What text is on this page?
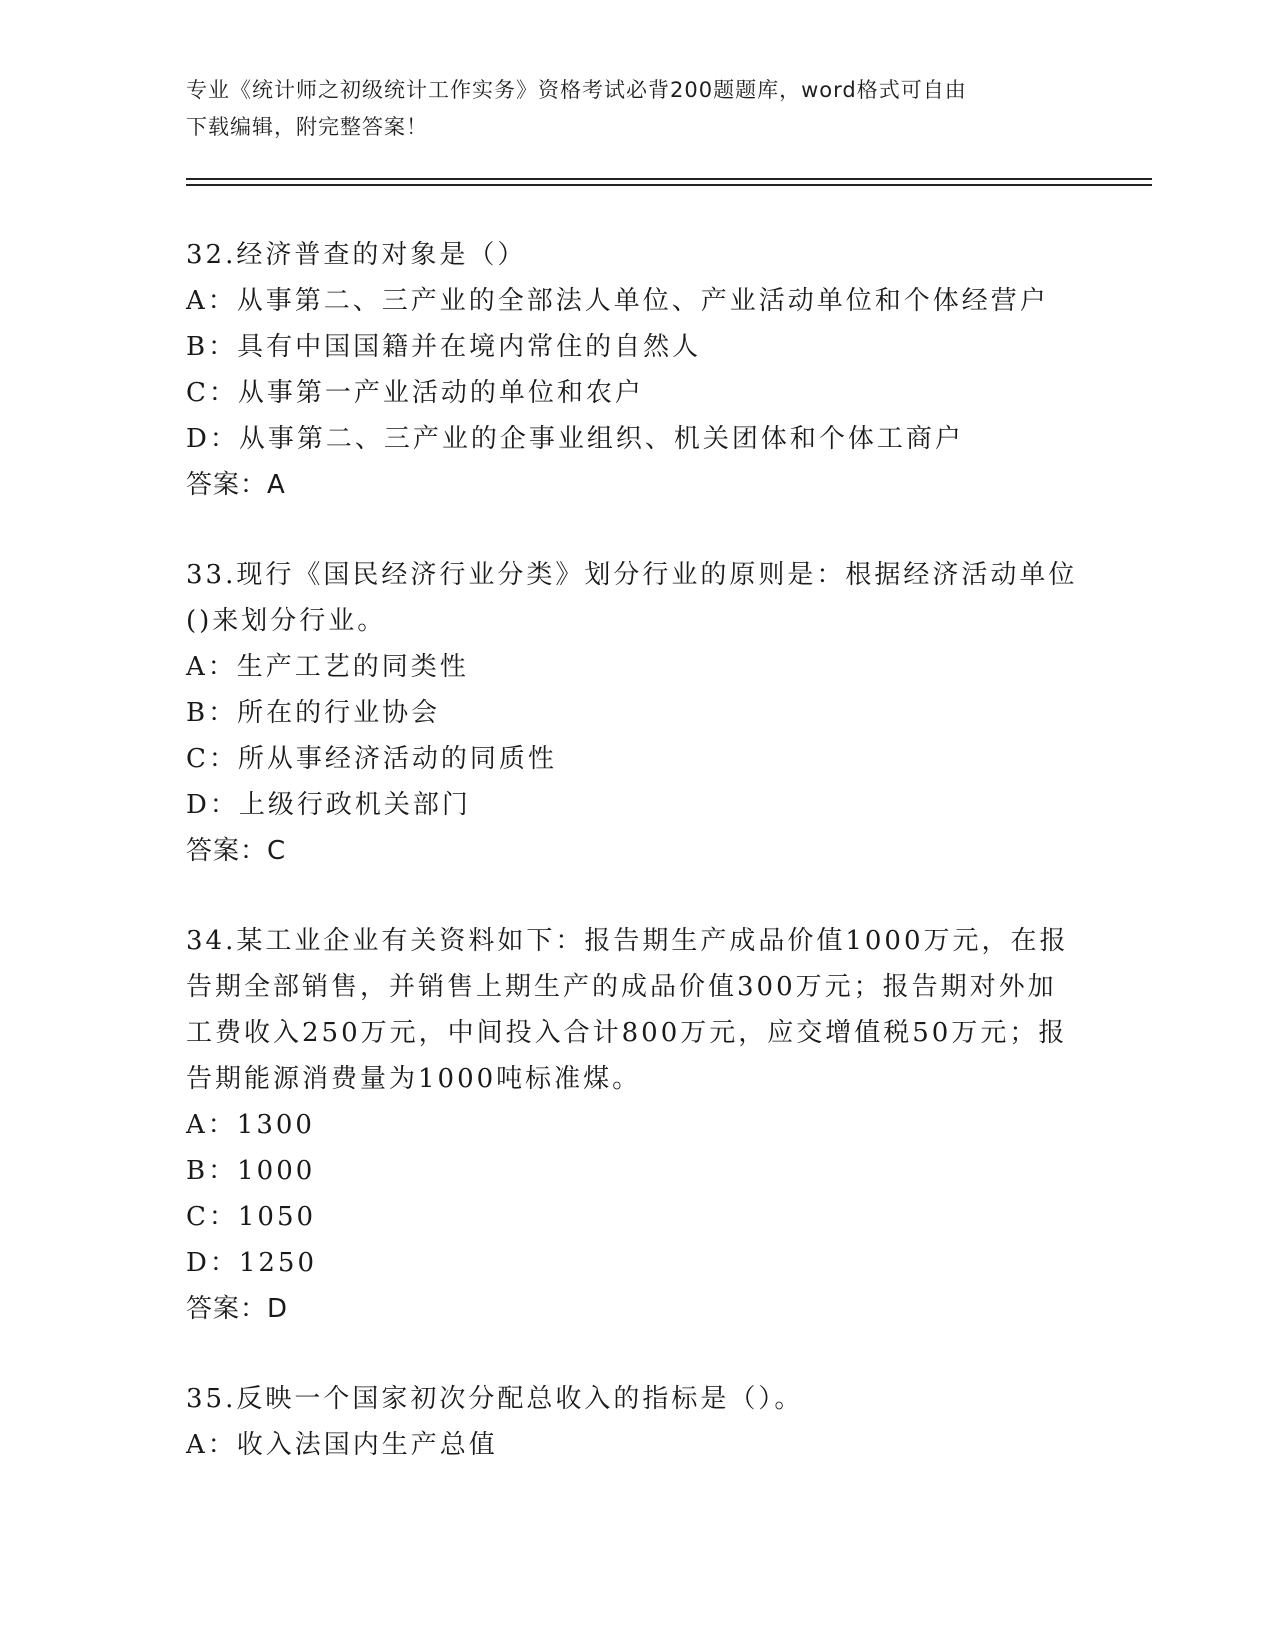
专业《统计师之初级统计工作实务》资格考试必背200题题库，word格式可自由
下载编辑，附完整答案！
32.经济普查的对象是（）
A：从事第二、三产业的全部法人单位、产业活动单位和个体经营户
B：具有中国国籍并在境内常住的自然人
C：从事第一产业活动的单位和农户
D：从事第二、三产业的企事业组织、机关团体和个体工商户
答案：A
33.现行《国民经济行业分类》划分行业的原则是：根据经济活动单位
()来划分行业。
A：生产工艺的同类性
B：所在的行业协会
C：所从事经济活动的同质性
D：上级行政机关部门
答案：C
34.某工业企业有关资料如下：报告期生产成品价值1000万元，在报
告期全部销售，并销售上期生产的成品价值300万元；报告期对外加
工费收入250万元，中间投入合计800万元，应交增值税50万元；报
告期能源消费量为1000吨标准煤。
A：1300
B：1000
C：1050
D：1250
答案：D
35.反映一个国家初次分配总收入的指标是（）。
A：收入法国内生产总值
